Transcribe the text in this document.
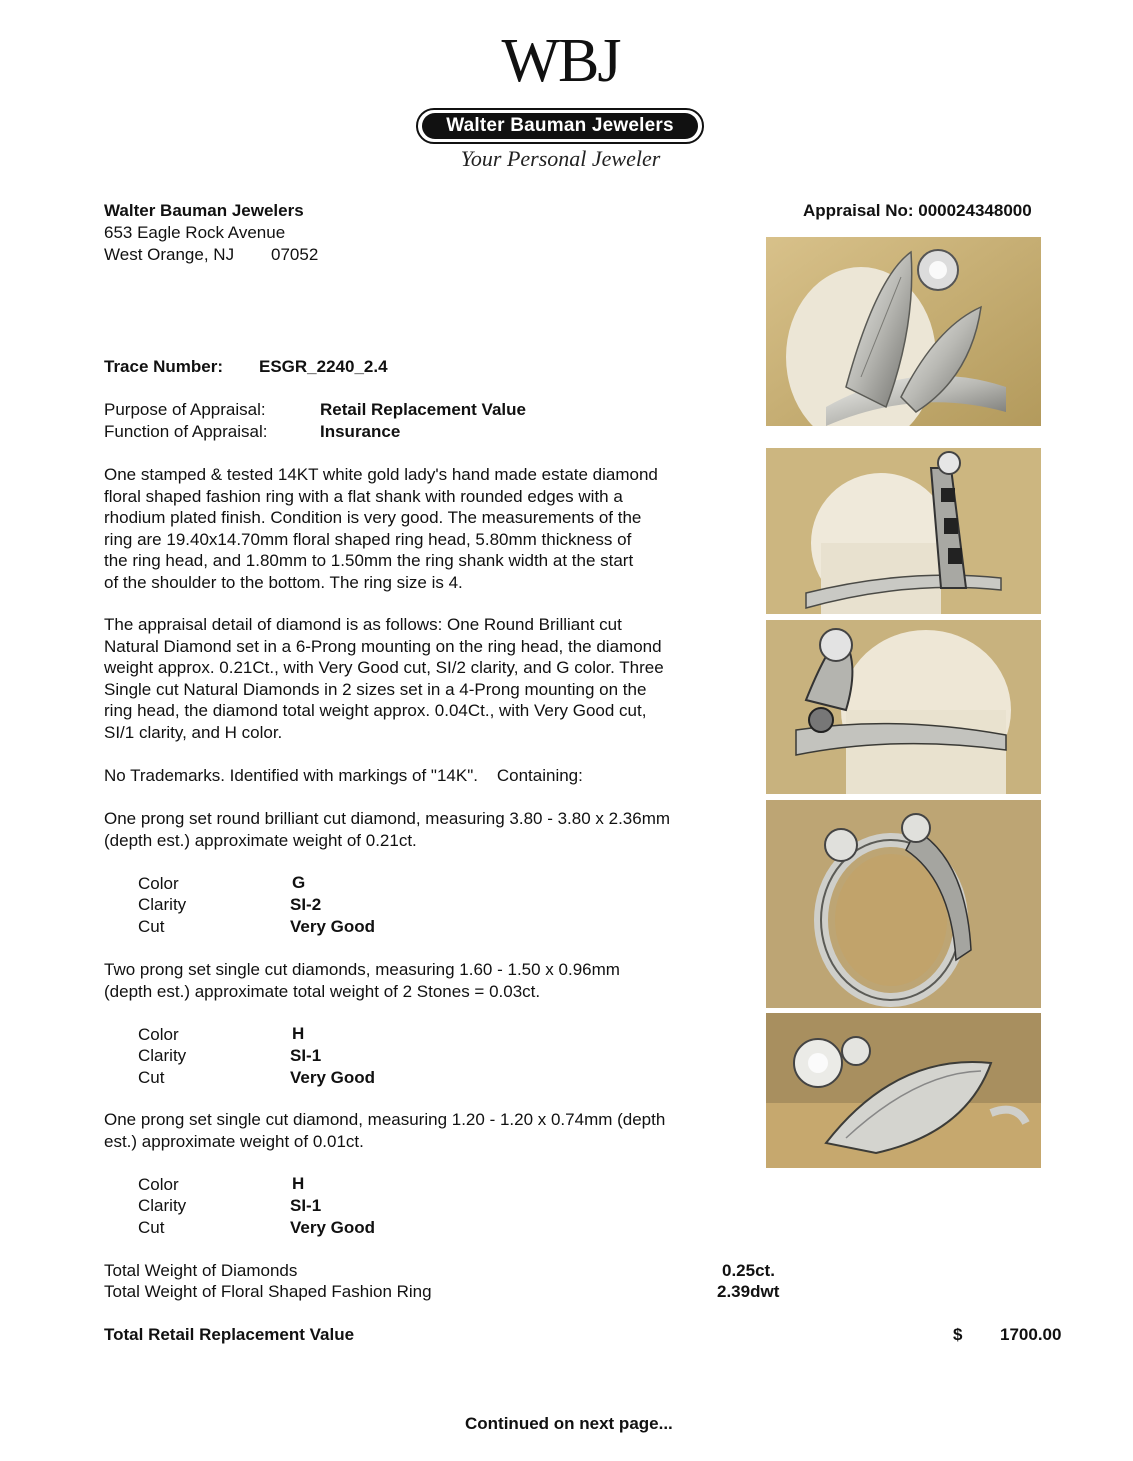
WBJ
Walter Bauman Jewelers
Your Personal Jeweler
Walter Bauman Jewelers
653 Eagle Rock Avenue
West Orange, NJ 07052
Appraisal No: 000024348000
Trace Number: ESGR_2240_2.4
Purpose of Appraisal:	Retail Replacement Value
Function of Appraisal:	Insurance
One stamped & tested 14KT white gold lady's hand made estate diamond
floral shaped fashion ring with a flat shank with rounded edges with a
rhodium plated finish. Condition is very good. The measurements of the
ring are 19.40x14.70mm floral shaped ring head, 5.80mm thickness of
the ring head, and 1.80mm to 1.50mm the ring shank width at the start
of the shoulder to the bottom. The ring size is 4.
The appraisal detail of diamond is as follows: One Round Brilliant cut
Natural Diamond set in a 6-Prong mounting on the ring head, the diamond
weight approx. 0.21Ct., with Very Good cut, SI/2 clarity, and G color. Three
Single cut Natural Diamonds in 2 sizes set in a 4-Prong mounting on the
ring head, the diamond total weight approx. 0.04Ct., with Very Good cut,
SI/1 clarity, and H color.
No Trademarks. Identified with markings of "14K".    Containing:
One prong set round brilliant cut diamond, measuring 3.80 - 3.80 x 2.36mm
(depth est.) approximate weight of 0.21ct.
Color	G
Clarity	SI-2
Cut	Very Good
Two prong set single cut diamonds, measuring 1.60 - 1.50 x 0.96mm
(depth est.) approximate total weight of 2 Stones = 0.03ct.
Color	H
Clarity	SI-1
Cut	Very Good
One prong set single cut diamond, measuring 1.20 - 1.20 x 0.74mm (depth
est.) approximate weight of 0.01ct.
Color	H
Clarity	SI-1
Cut	Very Good
Total Weight of Diamonds	0.25ct.
Total Weight of Floral Shaped Fashion Ring	2.39dwt
Total Retail Replacement Value	$ 1700.00
Continued on next page...
